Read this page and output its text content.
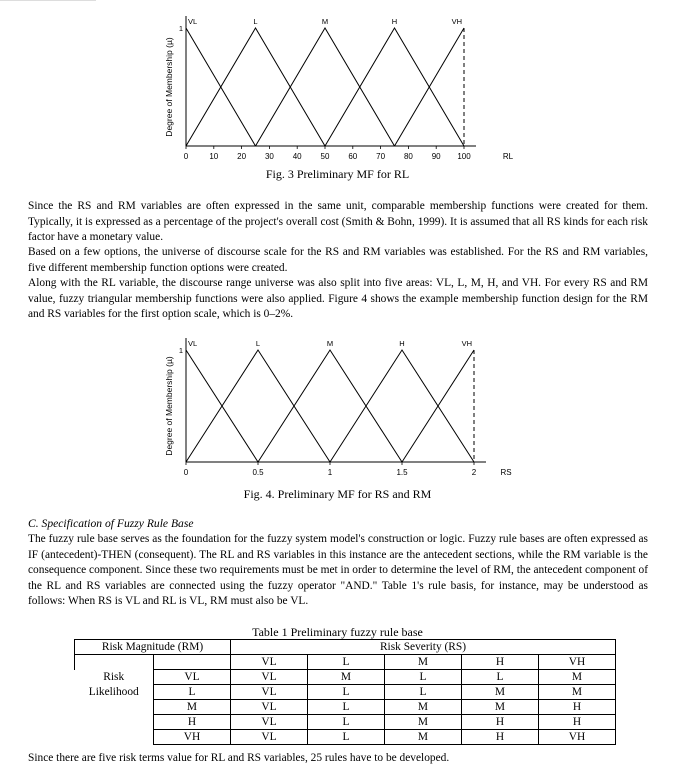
Degree of Membership (µ)
1
0	10 20 30 40 50 60 70 80 90 100	RL
VL	L	M	H	VH
Fig. 3 Preliminary MF for RL

Since the RS and RM variables are often expressed in the same unit, comparable membership functions were created for them. Typically, it is expressed as a percentage of the project's overall cost (Smith & Bohn, 1999). It is assumed that all RS kinds for each risk factor have a monetary value.

Based on a few options, the universe of discourse scale for the RS and RM variables was established. For the RS and RM variables, five different membership function options were created.

Along with the RL variable, the discourse range universe was also split into five areas: VL, L, M, H, and VH. For every RS and RM value, fuzzy triangular membership functions were also applied. Figure 4 shows the example membership function design for the RM and RS variables for the first option scale, which is 0–2%.

Degree of Membership (µ)
1
0	0.5	1	1.5	2	RS
VL	L	M	H	VH
Fig. 4. Preliminary MF for RS and RM
C. Specification of Fuzzy Rule Base

The fuzzy rule base serves as the foundation for the fuzzy system model's construction or logic. Fuzzy rule bases are often expressed as IF (antecedent)-THEN (consequent). The RL and RS variables in this instance are the antecedent sections, while the RM variable is the consequence component. Since these two requirements must be met in order to determine the level of RM, the antecedent component of the RL and RS variables are connected using the fuzzy operator "AND." Table 1's rule basis, for instance, may be understood as follows: When RS is VL and RL is VL, RM must also be VL.

Table 1 Preliminary fuzzy rule base
Risk Magnitude (RM)		Risk Severity (RS)				
		VL	L	M	H	VH
Risk	VL	VL	M	L	L	M
Likelihood	L	VL	L	L	M	M
	M	VL	L	M	M	H
	H	VL	L	M	H	H
	VH	VL	L	M	H	VH
Since there are five risk terms value for RL and RS variables, 25 rules have to be developed.
